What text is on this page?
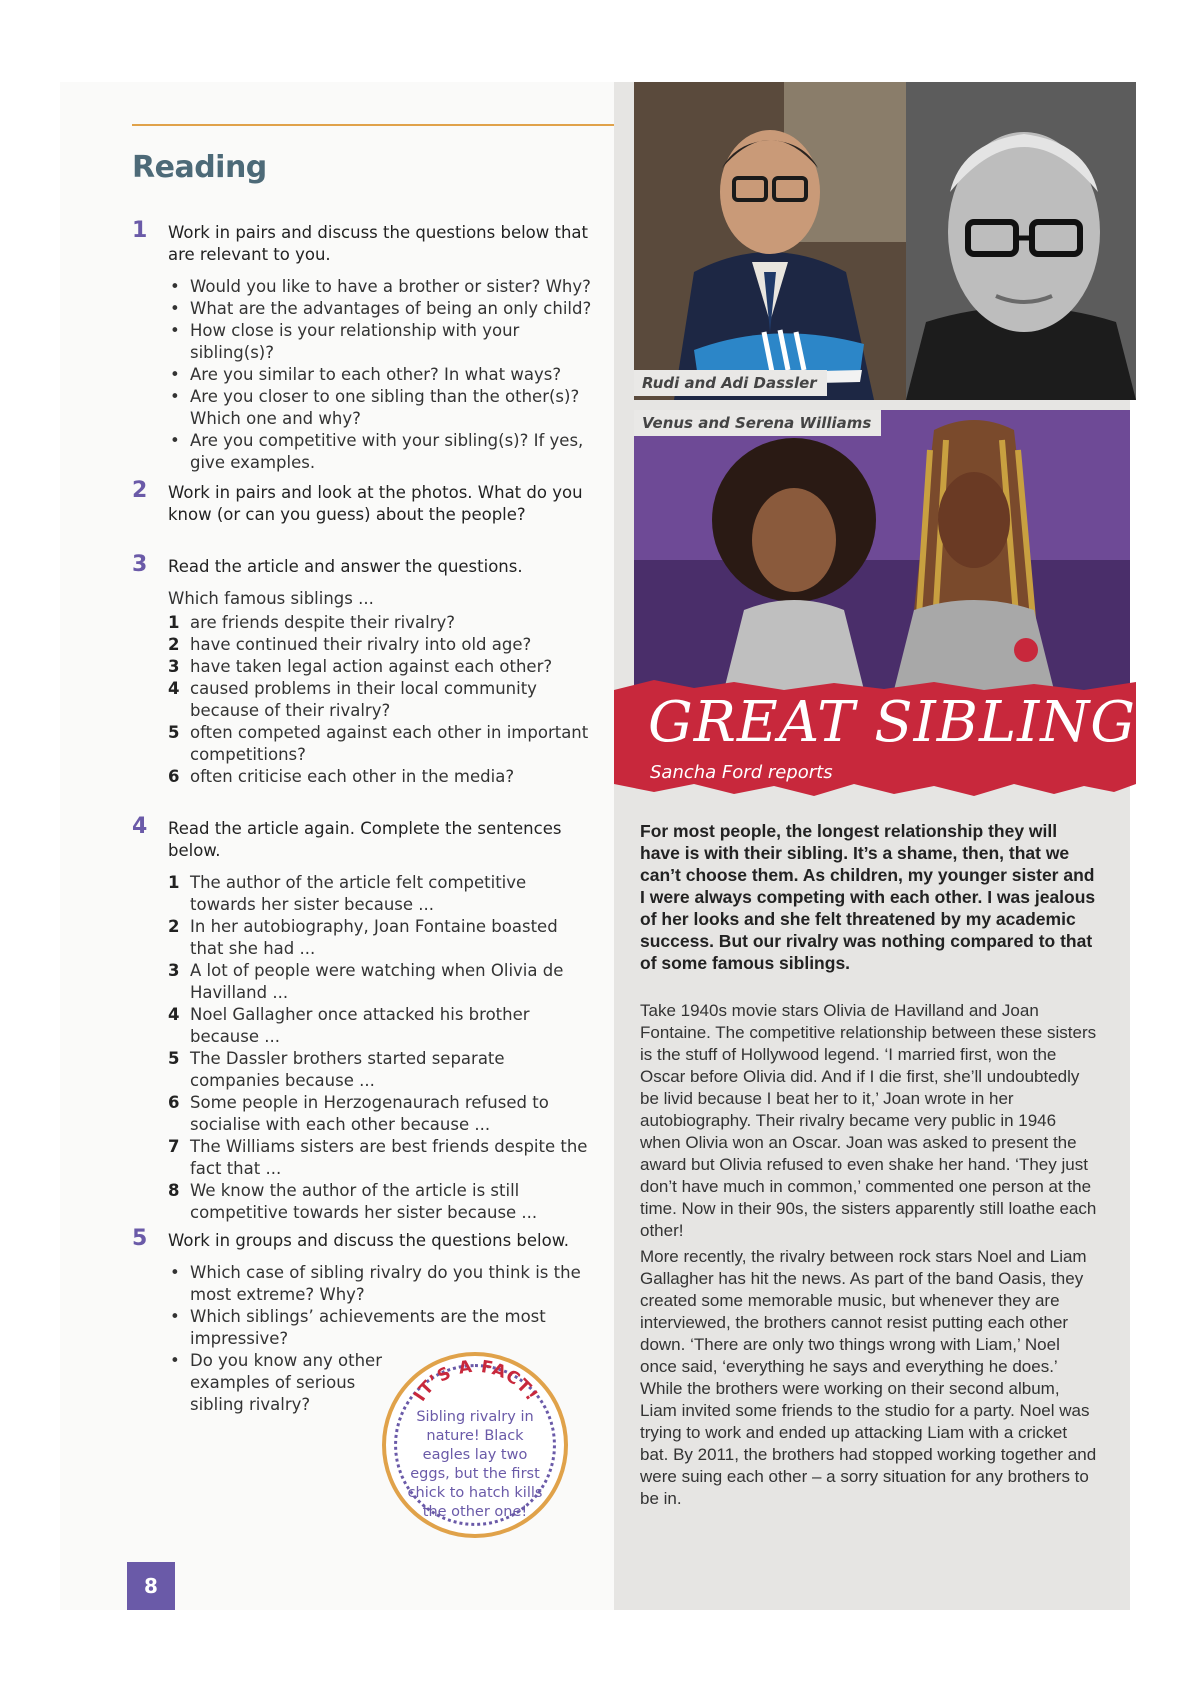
Reading
1 Work in pairs and discuss the questions below that are relevant to you.
• Would you like to have a brother or sister? Why?
• What are the advantages of being an only child?
• How close is your relationship with your sibling(s)?
• Are you similar to each other? In what ways?
• Are you closer to one sibling than the other(s)? Which one and why?
• Are you competitive with your sibling(s)? If yes, give examples.
2 Work in pairs and look at the photos. What do you know (or can you guess) about the people?
3 Read the article and answer the questions.
Which famous siblings ...
1 are friends despite their rivalry?
2 have continued their rivalry into old age?
3 have taken legal action against each other?
4 caused problems in their local community because of their rivalry?
5 often competed against each other in important competitions?
6 often criticise each other in the media?
4 Read the article again. Complete the sentences below.
1 The author of the article felt competitive towards her sister because ...
2 In her autobiography, Joan Fontaine boasted that she had ...
3 A lot of people were watching when Olivia de Havilland ...
4 Noel Gallagher once attacked his brother because ...
5 The Dassler brothers started separate companies because ...
6 Some people in Herzogenaurach refused to socialise with each other because ...
7 The Williams sisters are best friends despite the fact that ...
8 We know the author of the article is still competitive towards her sister because ...
5 Work in groups and discuss the questions below.
• Which case of sibling rivalry do you think is the most extreme? Why?
• Which siblings’ achievements are the most impressive?
• Do you know any other examples of serious sibling rivalry?	IT’S A FACT!
Sibling rivalry in nature! Black eagles lay two eggs, but the first chick to hatch kills the other one!
8
Rudi and Adi Dassler
Venus and Serena Williams
GREAT SIBLING
Sancha Ford reports
For most people, the longest relationship they will have is with their sibling. It’s a shame, then, that we can’t choose them. As children, my younger sister and I were always competing with each other. I was jealous of her looks and she felt threatened by my academic success. But our rivalry was nothing compared to that of some famous siblings.
Take 1940s movie stars Olivia de Havilland and Joan Fontaine. The competitive relationship between these sisters is the stuff of Hollywood legend. ‘I married first, won the Oscar before Olivia did. And if I die first, she’ll undoubtedly be livid because I beat her to it,’ Joan wrote in her autobiography. Their rivalry became very public in 1946 when Olivia won an Oscar. Joan was asked to present the award but Olivia refused to even shake her hand. ‘They just don’t have much in common,’ commented one person at the time. Now in their 90s, the sisters apparently still loathe each other!
More recently, the rivalry between rock stars Noel and Liam Gallagher has hit the news. As part of the band Oasis, they created some memorable music, but whenever they are interviewed, the brothers cannot resist putting each other down. ‘There are only two things wrong with Liam,’ Noel once said, ‘everything he says and everything he does.’ While the brothers were working on their second album, Liam invited some friends to the studio for a party. Noel was trying to work and ended up attacking Liam with a cricket bat. By 2011, the brothers had stopped working together and were suing each other – a sorry situation for any brothers to be in.
